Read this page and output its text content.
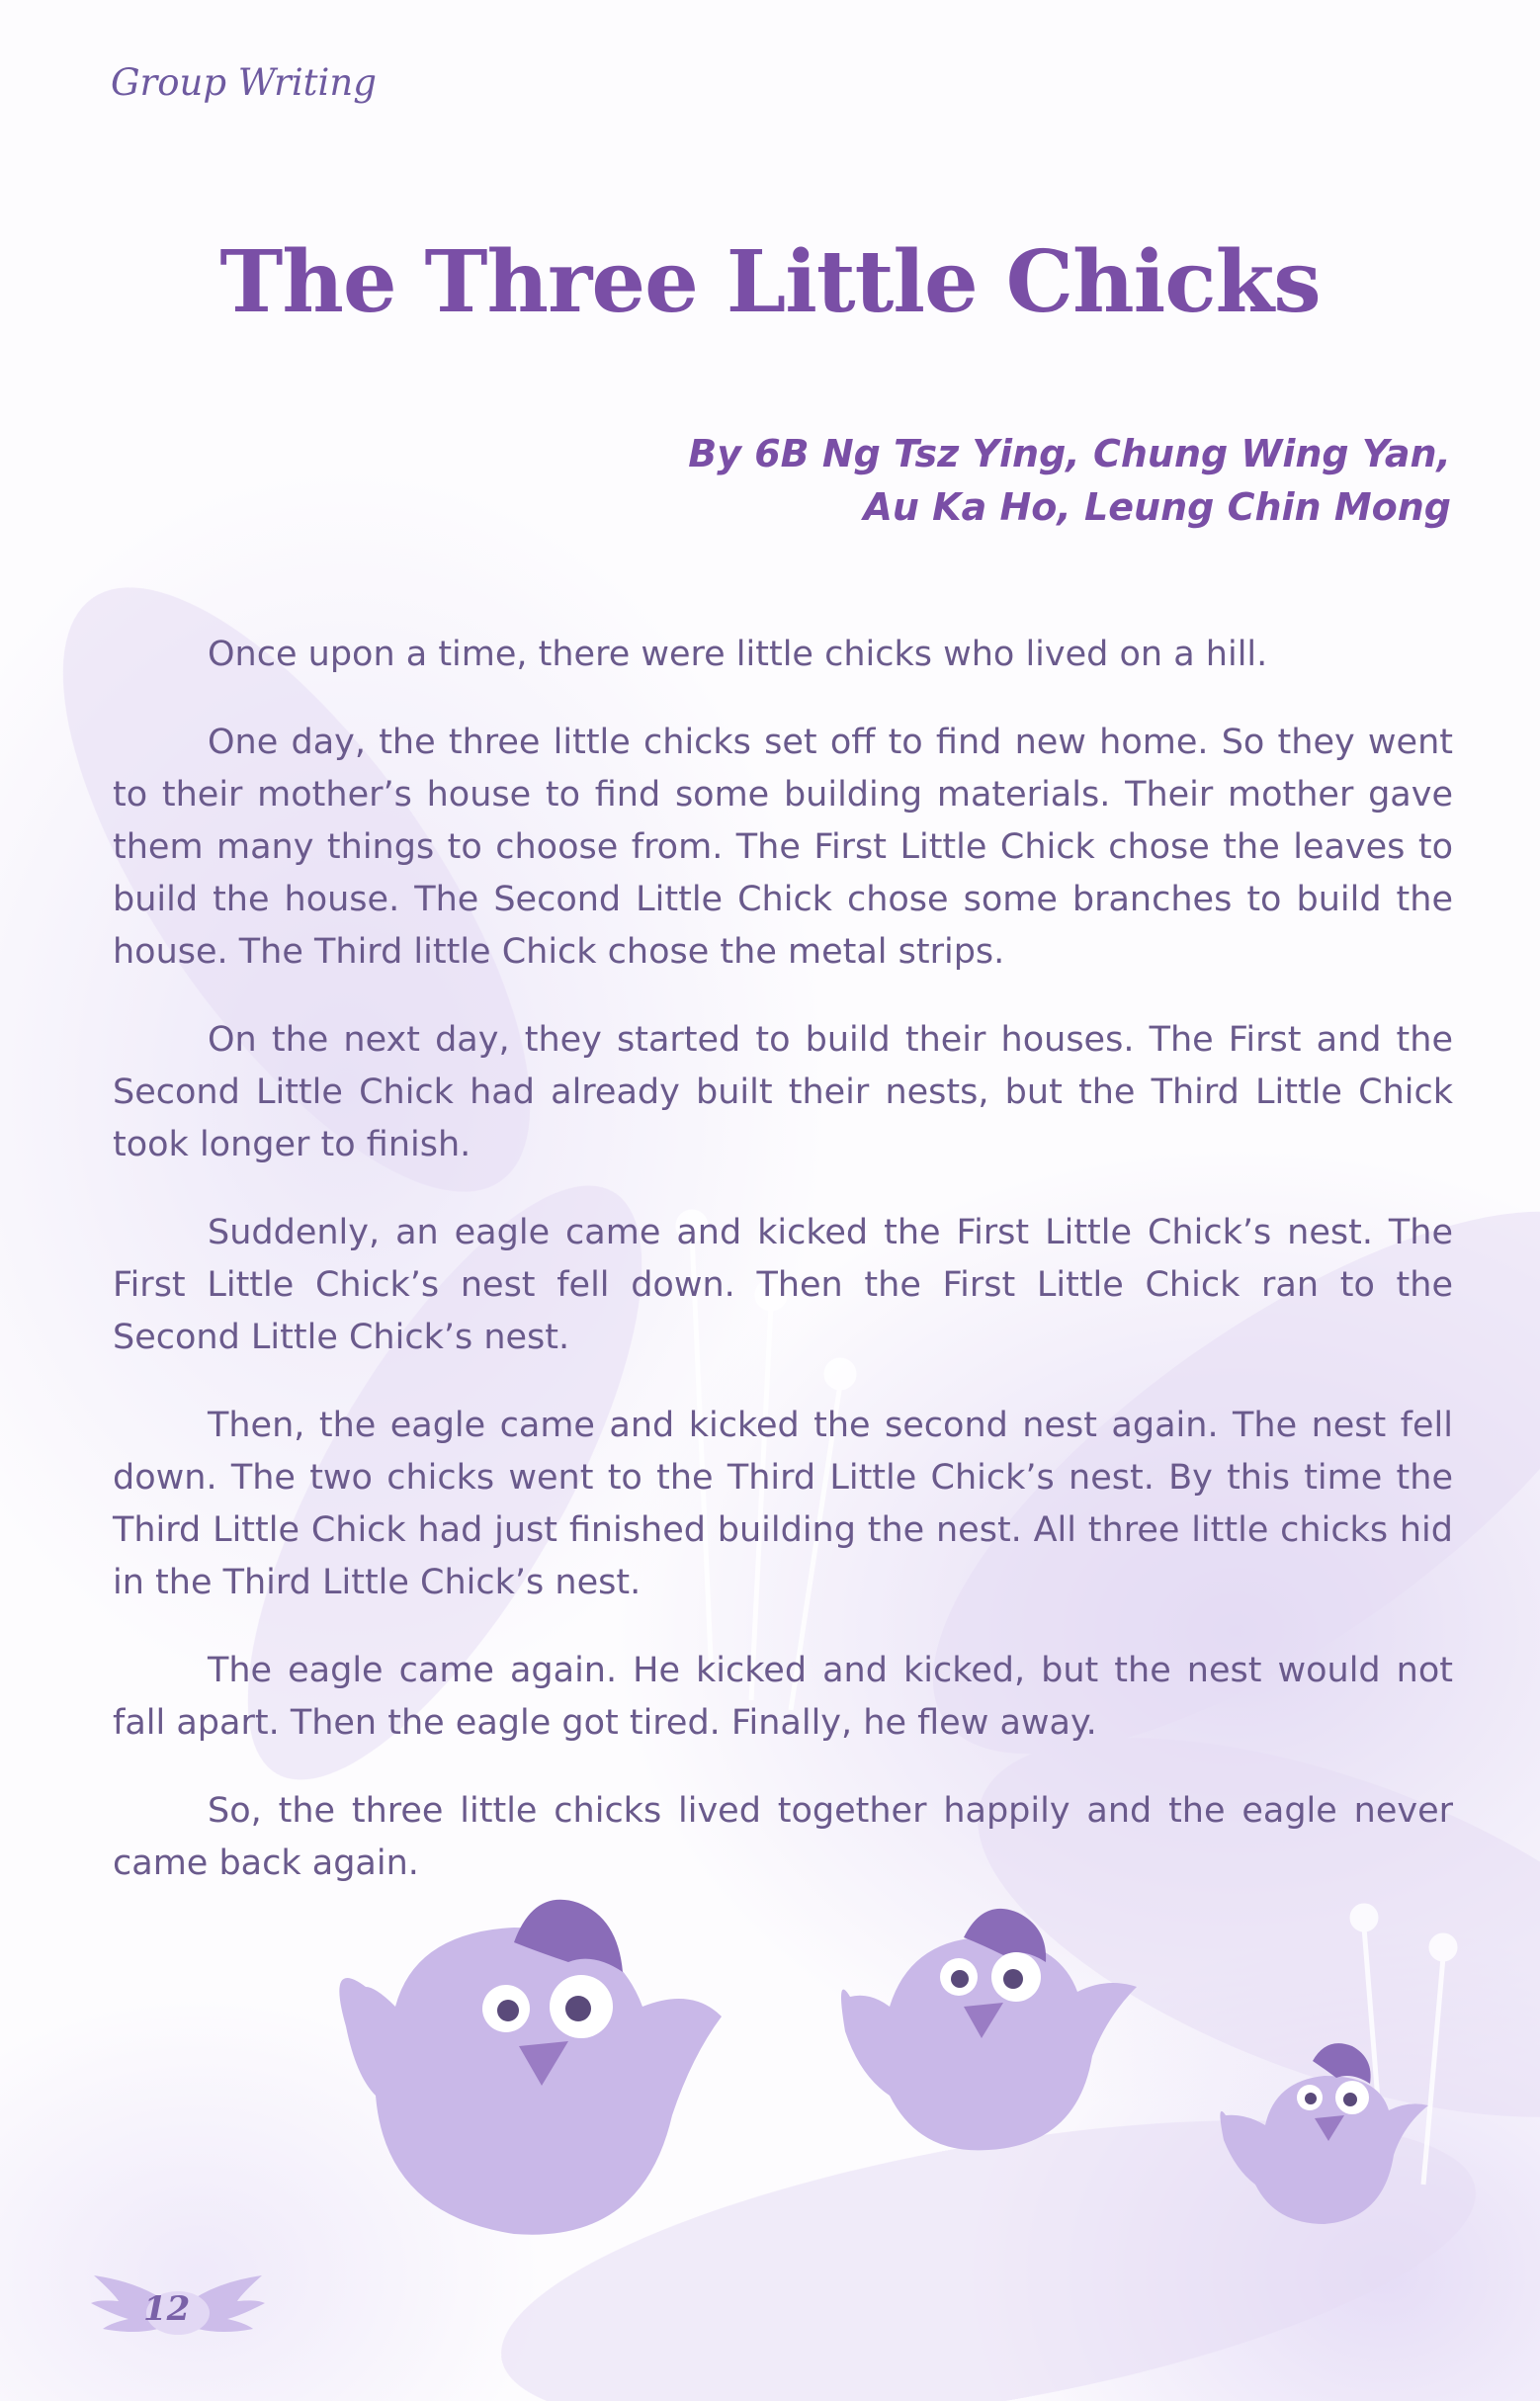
Group Writing
The Three Little Chicks
By 6B Ng Tsz Ying, Chung Wing Yan,
Au Ka Ho, Leung Chin Mong

Once upon a time, there were little chicks who lived on a hill.

One day, the three little chicks set off to find new home. So they went to their mother’s house to find some building materials. Their mother gave them many things to choose from. The First Little Chick chose the leaves to build the house. The Second Little Chick chose some branches to build the house. The Third little Chick chose the metal strips.

On the next day, they started to build their houses. The First and the Second Little Chick had already built their nests, but the Third Little Chick took longer to finish.

Suddenly, an eagle came and kicked the First Little Chick’s nest. The First Little Chick’s nest fell down. Then the First Little Chick ran to the Second Little Chick’s nest.

Then, the eagle came and kicked the second nest again. The nest fell down. The two chicks went to the Third Little Chick’s nest. By this time the Third Little Chick had just finished building the nest. All three little chicks hid in the Third Little Chick’s nest.

The eagle came again. He kicked and kicked, but the nest would not fall apart. Then the eagle got tired. Finally, he flew away.

So, the three little chicks lived together happily and the eagle never came back again.

12
